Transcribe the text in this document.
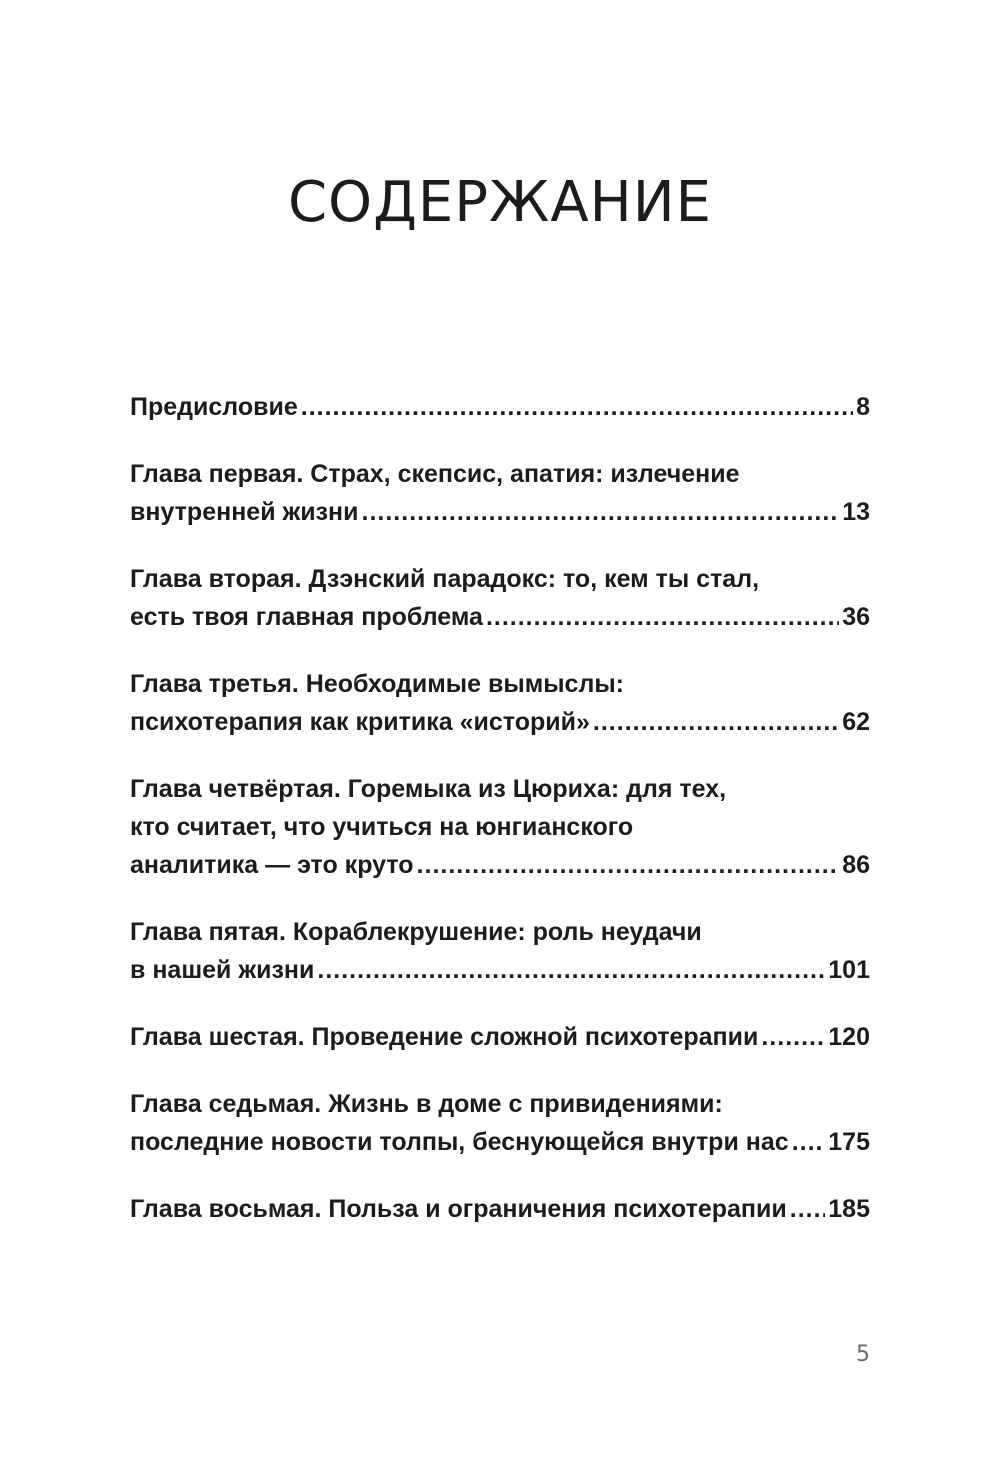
СОДЕРЖАНИЕ
Предисловие .....	8
Глава первая. Страх, скепсис, апатия: излечение
внутренней жизни .....	13
Глава вторая. Дзэнский парадокс: то, кем ты стал,
есть твоя главная проблема .....	36
Глава третья. Необходимые вымыслы:
психотерапия как критика «историй» .....	62
Глава четвёртая. Горемыка из Цюриха: для тех,
кто считает, что учиться на юнгианского
аналитика — это круто .....	86
Глава пятая. Кораблекрушение: роль неудачи
в нашей жизни .....	101
Глава шестая. Проведение сложной психотерапии .....	120
Глава седьмая. Жизнь в доме с привидениями:
последние новости толпы, беснующейся внутри нас ..... 175
Глава восьмая. Польза и ограничения психотерапии ..... 185
5
